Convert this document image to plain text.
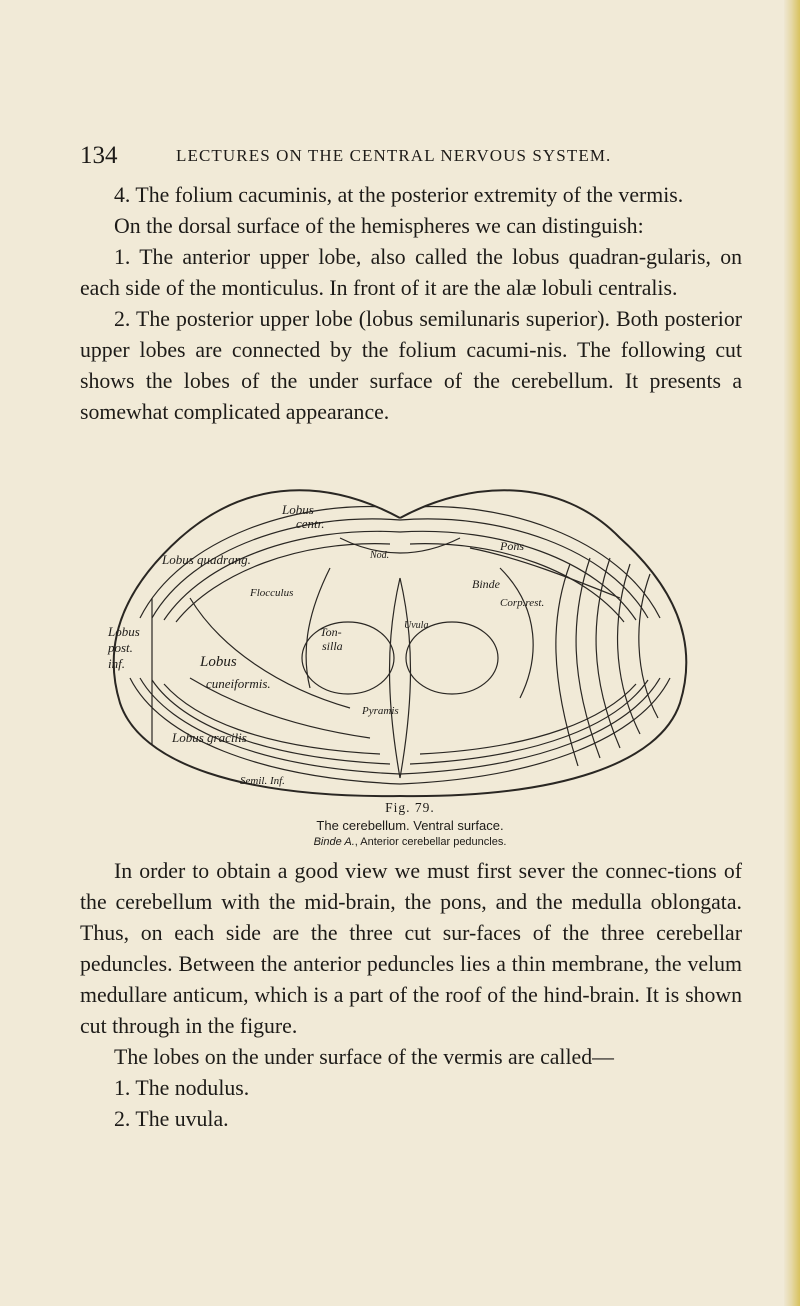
134	LECTURES ON THE CENTRAL NERVOUS SYSTEM.

4. The folium cacuminis, at the posterior extremity of the vermis.

On the dorsal surface of the hemispheres we can distinguish:

1. The anterior upper lobe, also called the lobus quadran-gularis, on each side of the monticulus. In front of it are the alæ lobuli centralis.

2. The posterior upper lobe (lobus semilunaris superior). Both posterior upper lobes are connected by the folium cacumi-nis. The following cut shows the lobes of the under surface of the cerebellum. It presents a somewhat complicated appearance.

Lobus
centr.
Lobus quadrang.
Lobus
post.
inf.	Lobus
cuneiformis.
Lobus gracilis
Semil. Inf.
Flocculus
Ton-
silla
Uvula
Pyramis
Nod.
Binde
Pons
Corp.rest.
Fig. 79.
The cerebellum. Ventral surface.
Binde A., Anterior cerebellar peduncles.

In order to obtain a good view we must first sever the connec-tions of the cerebellum with the mid-brain, the pons, and the medulla oblongata. Thus, on each side are the three cut sur-faces of the three cerebellar peduncles. Between the anterior peduncles lies a thin membrane, the velum medullare anticum, which is a part of the roof of the hind-brain. It is shown cut through in the figure.

The lobes on the under surface of the vermis are called—

1. The nodulus.

2. The uvula.
